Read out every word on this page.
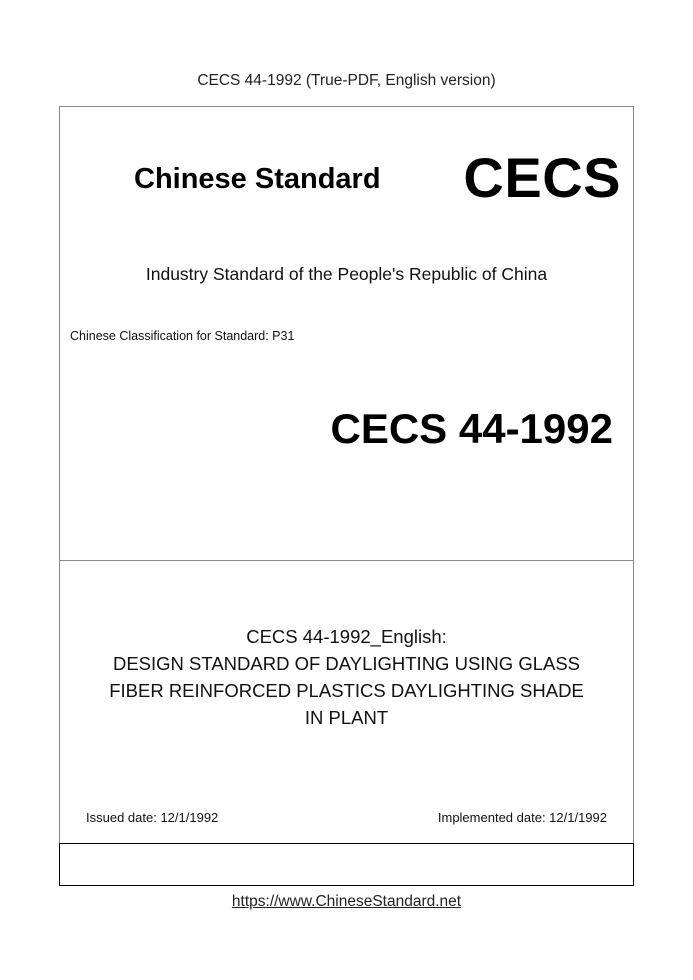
CECS 44-1992 (True-PDF, English version)
Chinese Standard CECS
Industry Standard of the People's Republic of China
Chinese Classification for Standard: P31
CECS 44-1992
CECS 44-1992_English:
DESIGN STANDARD OF DAYLIGHTING USING GLASS
FIBER REINFORCED PLASTICS DAYLIGHTING SHADE
IN PLANT
Issued date: 12/1/1992	Implemented date: 12/1/1992
https://www.ChineseStandard.net
